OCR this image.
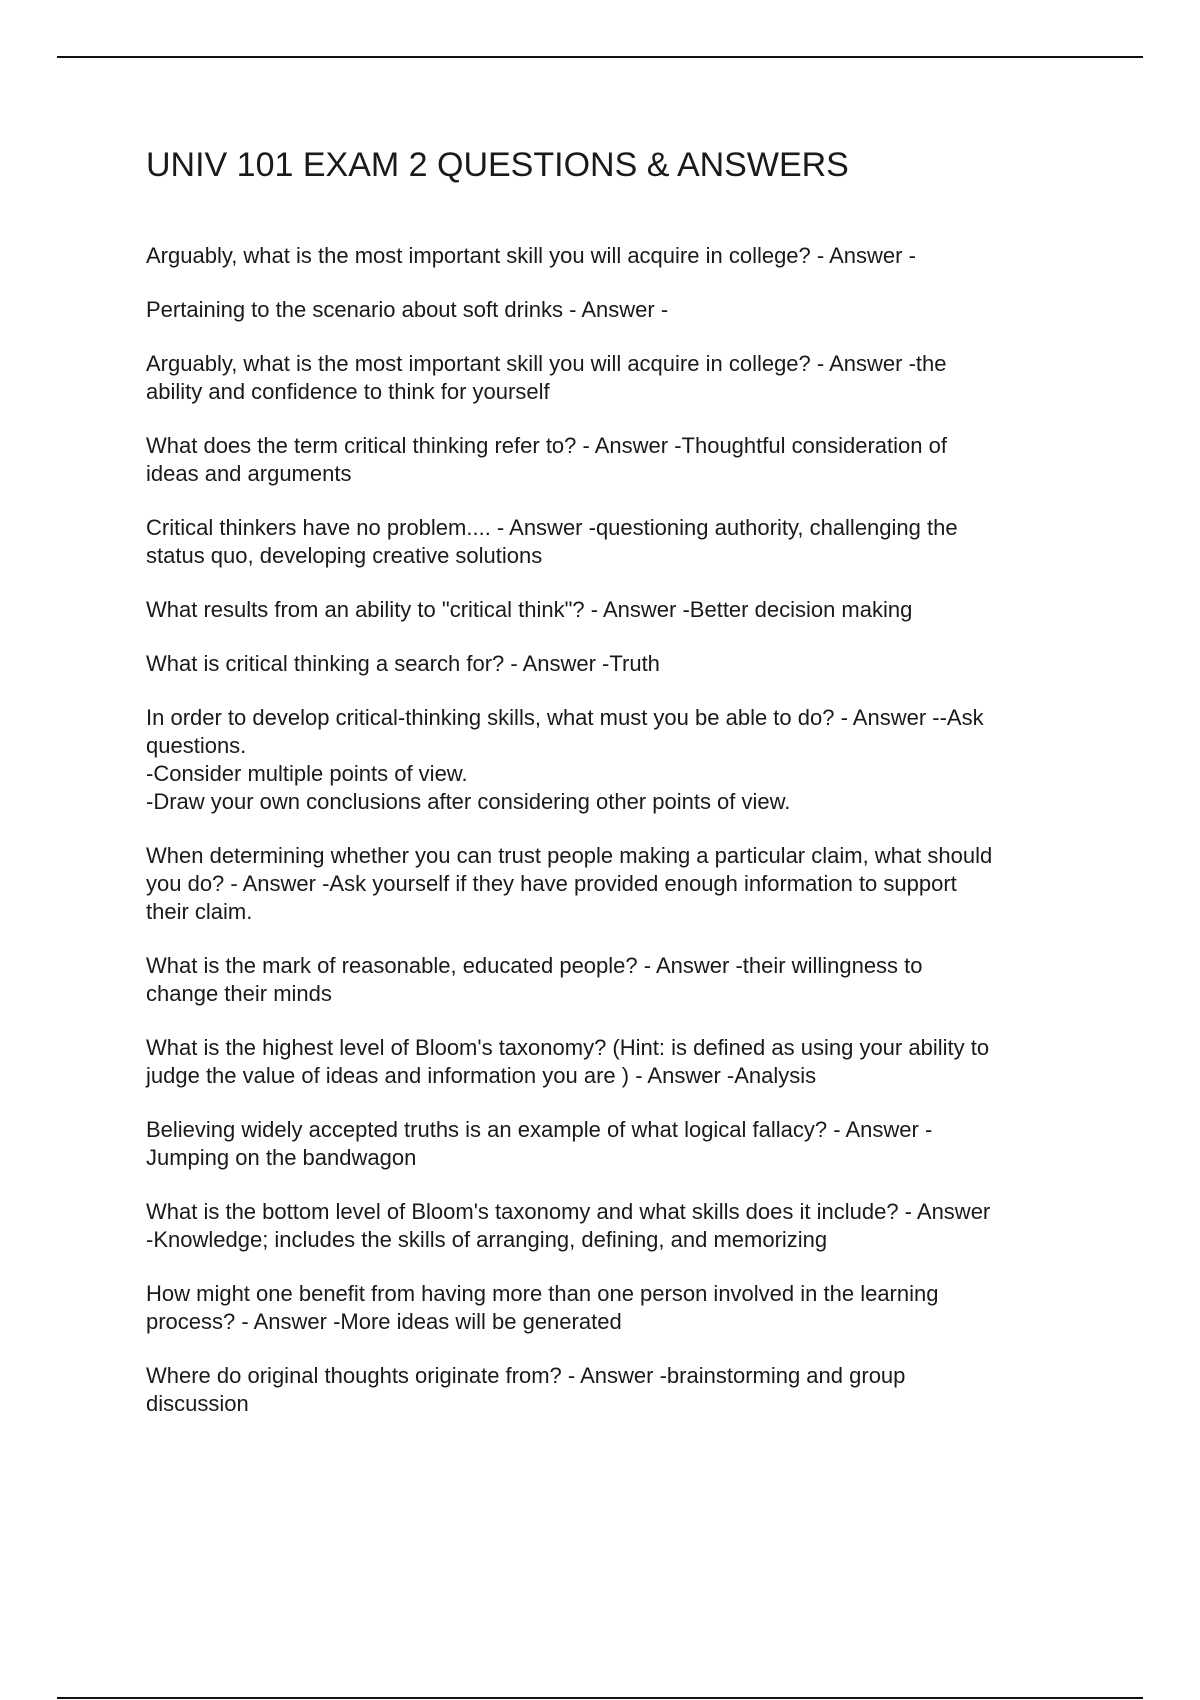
UNIV 101 EXAM 2 QUESTIONS & ANSWERS

Arguably, what is the most important skill you will acquire in college? - Answer -

Pertaining to the scenario about soft drinks - Answer -

Arguably, what is the most important skill you will acquire in college? - Answer -the
ability and confidence to think for yourself

What does the term critical thinking refer to? - Answer -Thoughtful consideration of
ideas and arguments

Critical thinkers have no problem.... - Answer -questioning authority, challenging the
status quo, developing creative solutions

What results from an ability to "critical think"? - Answer -Better decision making

What is critical thinking a search for? - Answer -Truth

In order to develop critical-thinking skills, what must you be able to do? - Answer --Ask
questions.
-Consider multiple points of view.
-Draw your own conclusions after considering other points of view.

When determining whether you can trust people making a particular claim, what should
you do? - Answer -Ask yourself if they have provided enough information to support
their claim.

What is the mark of reasonable, educated people? - Answer -their willingness to
change their minds

What is the highest level of Bloom's taxonomy? (Hint: is defined as using your ability to
judge the value of ideas and information you are ) - Answer -Analysis

Believing widely accepted truths is an example of what logical fallacy? - Answer -
Jumping on the bandwagon

What is the bottom level of Bloom's taxonomy and what skills does it include? - Answer
-Knowledge; includes the skills of arranging, defining, and memorizing

How might one benefit from having more than one person involved in the learning
process? - Answer -More ideas will be generated

Where do original thoughts originate from? - Answer -brainstorming and group
discussion
